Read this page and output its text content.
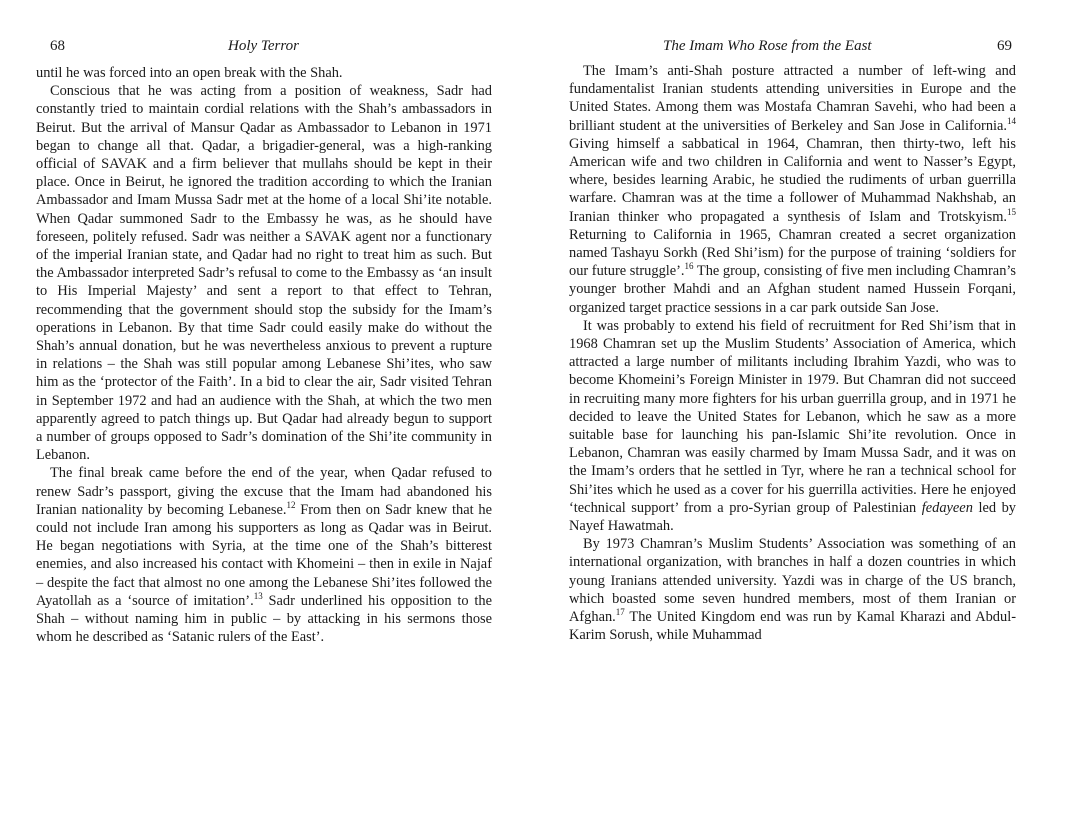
68	Holy Terror

until he was forced into an open break with the Shah.

Conscious that he was acting from a position of weakness, Sadr had constantly tried to maintain cordial relations with the Shah’s ambassadors in Beirut. But the arrival of Mansur Qadar as Ambassador to Lebanon in 1971 began to change all that. Qadar, a brigadier-general, was a high-ranking official of SAVAK and a firm believer that mullahs should be kept in their place. Once in Beirut, he ignored the tradition according to which the Iranian Ambassador and Imam Mussa Sadr met at the home of a local Shi’ite notable. When Qadar summoned Sadr to the Embassy he was, as he should have foreseen, politely refused. Sadr was neither a SAVAK agent nor a functionary of the imperial Iranian state, and Qadar had no right to treat him as such. But the Ambassador interpreted Sadr’s refusal to come to the Embassy as ‘an insult to His Imperial Majesty’ and sent a report to that effect to Tehran, recommending that the government should stop the subsidy for the Imam’s operations in Lebanon. By that time Sadr could easily make do without the Shah’s annual donation, but he was nevertheless anxious to prevent a rupture in relations – the Shah was still popular among Lebanese Shi’ites, who saw him as the ‘protector of the Faith’. In a bid to clear the air, Sadr visited Tehran in September 1972 and had an audience with the Shah, at which the two men apparently agreed to patch things up. But Qadar had already begun to support a number of groups opposed to Sadr’s domination of the Shi’ite community in Lebanon.

The final break came before the end of the year, when Qadar refused to renew Sadr’s passport, giving the excuse that the Imam had abandoned his Iranian nationality by becoming Lebanese.$^{12}$ From then on Sadr knew that he could not include Iran among his supporters as long as Qadar was in Beirut. He began negotiations with Syria, at the time one of the Shah’s bitterest enemies, and also increased his contact with Khomeini – then in exile in Najaf – despite the fact that almost no one among the Lebanese Shi’ites followed the Ayatollah as a ‘source of imitation’.$^{13}$ Sadr underlined his opposition to the Shah – without naming him in public – by attacking in his sermons those whom he described as ‘Satanic rulers of the East’.

The Imam Who Rose from the East	69

The Imam’s anti-Shah posture attracted a number of left-wing and fundamentalist Iranian students attending universities in Europe and the United States. Among them was Mostafa Chamran Savehi, who had been a brilliant student at the universities of Berkeley and San Jose in California.$^{14}$ Giving himself a sabbatical in 1964, Chamran, then thirty-two, left his American wife and two children in California and went to Nasser’s Egypt, where, besides learning Arabic, he studied the rudiments of urban guerrilla warfare. Chamran was at the time a follower of Muhammad Nakhshab, an Iranian thinker who propagated a synthesis of Islam and Trotskyism.$^{15}$ Returning to California in 1965, Chamran created a secret organization named Tashayu Sorkh (Red Shi’ism) for the purpose of training ‘soldiers for our future struggle’.$^{16}$ The group, consisting of five men including Chamran’s younger brother Mahdi and an Afghan student named Hussein Forqani, organized target practice sessions in a car park outside San Jose.

It was probably to extend his field of recruitment for Red Shi’ism that in 1968 Chamran set up the Muslim Students’ Association of America, which attracted a large number of militants including Ibrahim Yazdi, who was to become Khomeini’s Foreign Minister in 1979. But Chamran did not succeed in recruiting many more fighters for his urban guerrilla group, and in 1971 he decided to leave the United States for Lebanon, which he saw as a more suitable base for launching his pan-Islamic Shi’ite revolution. Once in Lebanon, Chamran was easily charmed by Imam Mussa Sadr, and it was on the Imam’s orders that he settled in Tyr, where he ran a technical school for Shi’ites which he used as a cover for his guerrilla activities. Here he enjoyed ‘technical support’ from a pro-Syrian group of Palestinian fedayeen led by Nayef Hawatmah.

By 1973 Chamran’s Muslim Students’ Association was something of an international organization, with branches in half a dozen countries in which young Iranians attended university. Yazdi was in charge of the US branch, which boasted some seven hundred members, most of them Iranian or Afghan.$^{17}$ The United Kingdom end was run by Kamal Kharazi and Abdul-Karim Sorush, while Muhammad
